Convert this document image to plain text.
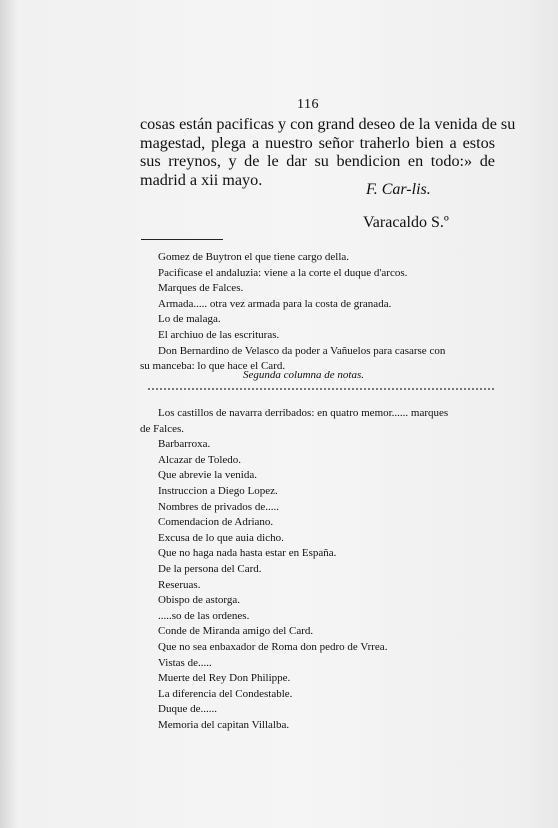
116
cosas están pacificas y con grand deseo de la venida de su
magestad, plega a nuestro señor traherlo bien a estos
sus rreynos, y de le dar su bendicion en todo:» de
madrid a xii mayo.
F. Car-lis.
Varacaldo S.º
Gomez de Buytron el que tiene cargo della.
Pacificase el andaluzia: viene a la corte el duque d'arcos.
Marques de Falces.
Armada..... otra vez armada para la costa de granada.
Lo de malaga.
El archiuo de las escrituras.
Don Bernardino de Velasco da poder a Vañuelos para casarse con
su manceba: lo que hace el Card.
Segunda columna de notas.
Los castillos de navarra derribados: en quatro memor...... marques
de Falces.
Barbarroxa.
Alcazar de Toledo.
Que abrevie la venida.
Instruccion a Diego Lopez.
Nombres de privados de.....
Comendacion de Adriano.
Excusa de lo que auia dicho.
Que no haga nada hasta estar en España.
De la persona del Card.
Reseruas.
Obispo de astorga.
.....so de las ordenes.
Conde de Miranda amigo del Card.
Que no sea enbaxador de Roma don pedro de Vrrea.
Vistas de.....
Muerte del Rey Don Philippe.
La diferencia del Condestable.
Duque de......
Memoria del capitan Villalba.
